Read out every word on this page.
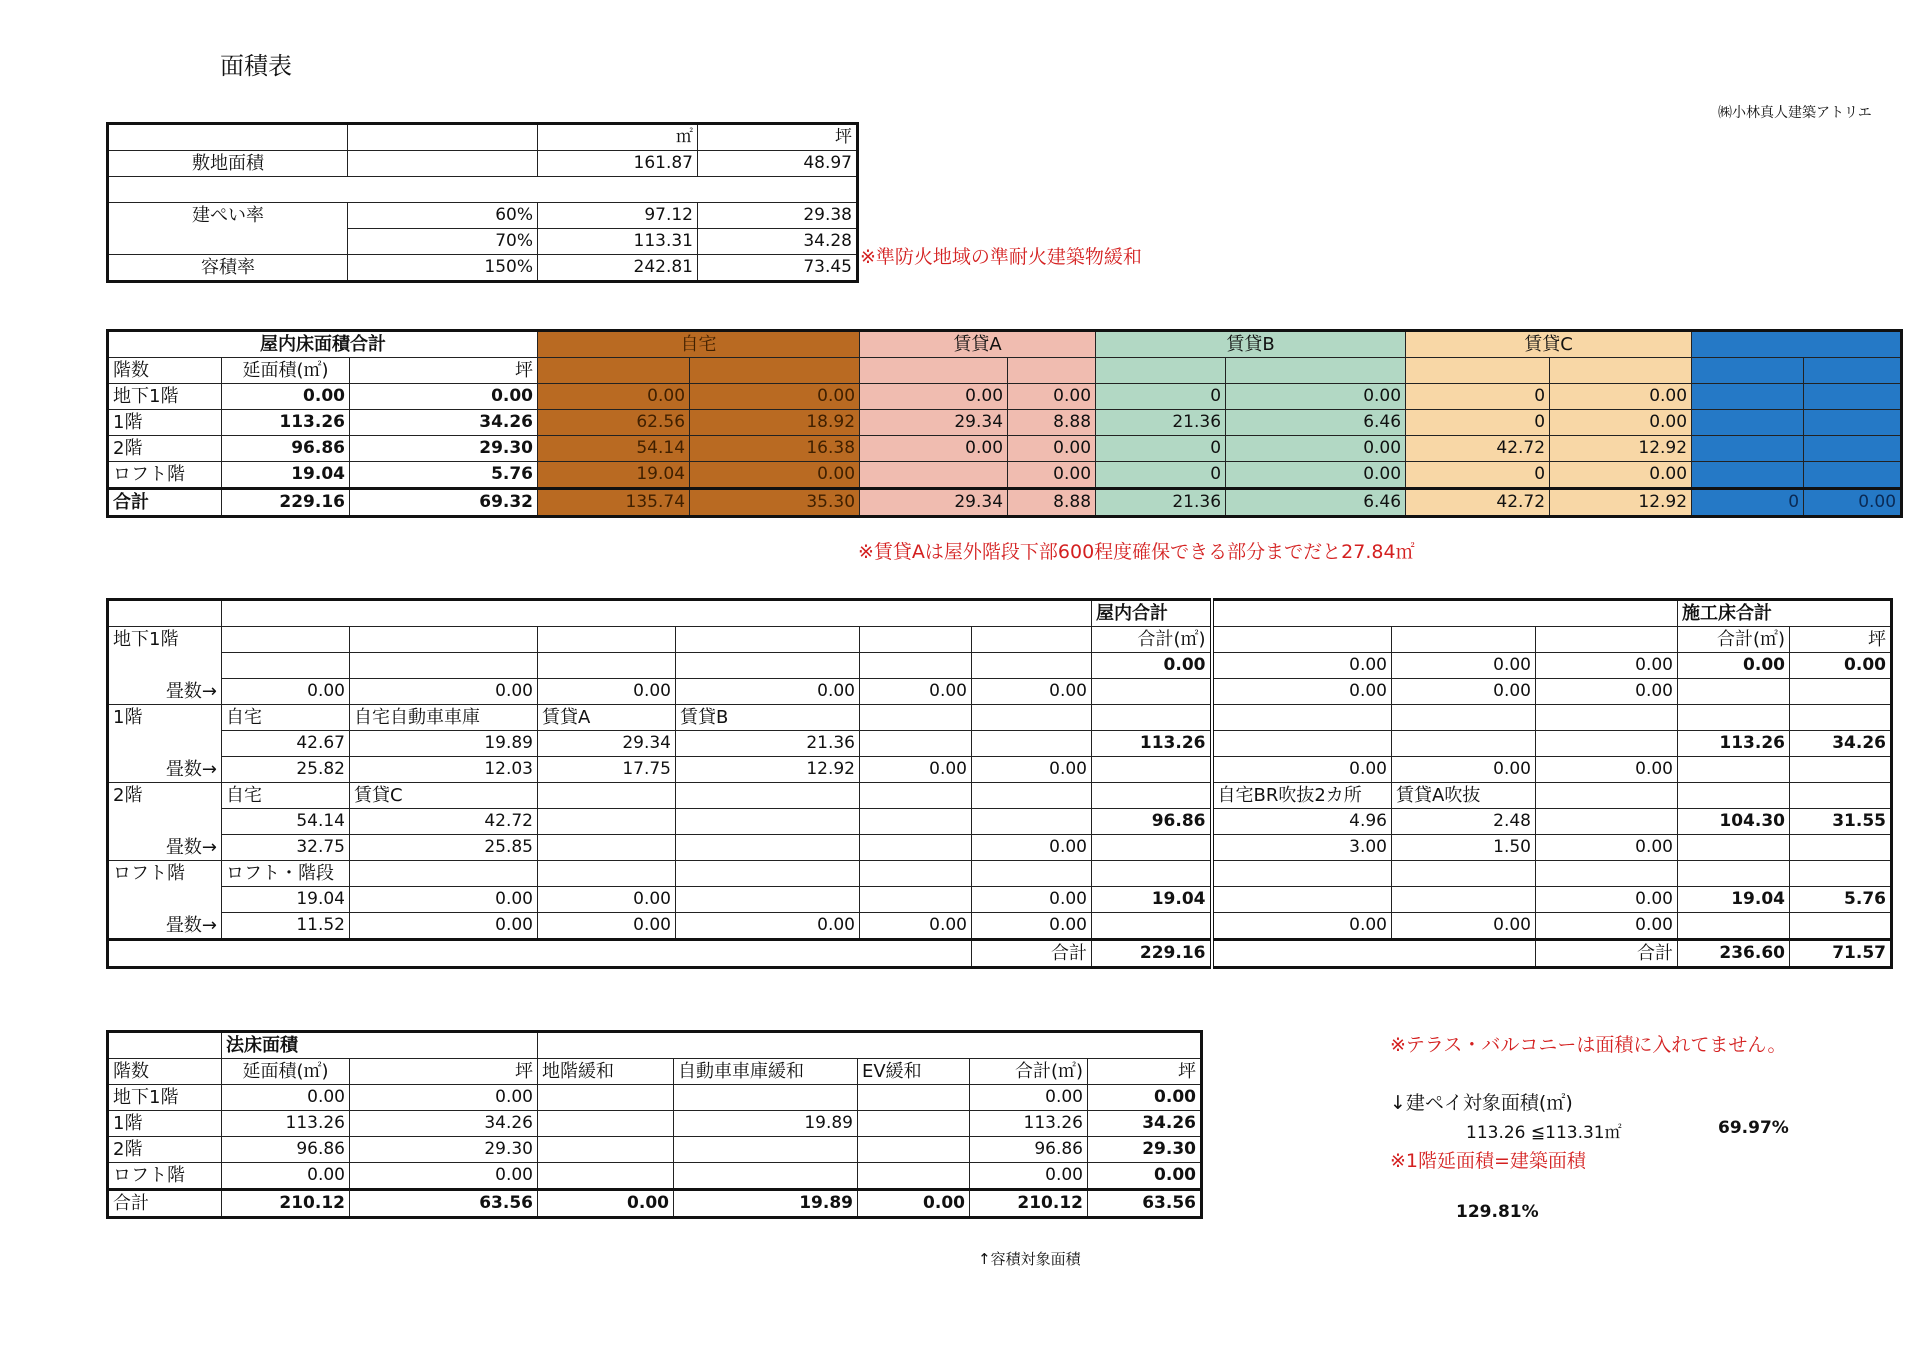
面積表
㈱小林真人建築アトリエ
		㎡	坪
敷地面積		161.87	48.97

建ぺい率	60%	97.12	29.38
	70%	113.31	34.28
容積率	150%	242.81	73.45 ※準防火地域の準耐火建築物緩和
屋内床面積合計			自宅		賃貸A		賃貸B		賃貸C			
階数	延面積(㎡)	坪										
地下1階	0.00	0.00	0.00	0.00	0.00	0.00	0	0.00	0	0.00		
1階	113.26	34.26	62.56	18.92	29.34	8.88	21.36	6.46	0	0.00		
2階	96.86	29.30	54.14	16.38	0.00	0.00	0	0.00	42.72	12.92		
ロフト階	19.04	5.76	19.04	0.00		0.00	0	0.00	0	0.00		
合計	229.16	69.32	135.74	35.30	29.34	8.88	21.36	6.46	42.72	12.92	0	0.00
※賃貸Aは屋外階段下部600程度確保できる部分までだと27.84㎡
							屋内合計				施工床合計	
地下1階							合計(㎡)				合計(㎡)	坪
							0.00	0.00	0.00	0.00	0.00	0.00
畳数→	0.00	0.00	0.00	0.00	0.00	0.00		0.00	0.00	0.00		
1階	自宅	自宅自動車車庫	賃貸A	賃貸B								
	42.67	19.89	29.34	21.36			113.26				113.26	34.26
畳数→	25.82	12.03	17.75	12.92	0.00	0.00		0.00	0.00	0.00		
2階	自宅	賃貸C						自宅BR吹抜2カ所	賃貸A吹抜			
	54.14	42.72					96.86	4.96	2.48		104.30	31.55
畳数→	32.75	25.85				0.00		3.00	1.50	0.00		
ロフト階	ロフト・階段											
	19.04	0.00	0.00			0.00	19.04			0.00	19.04	5.76
畳数→	11.52	0.00	0.00	0.00	0.00	0.00		0.00	0.00	0.00		
						合計	229.16			合計	236.60	71.57
	法床面積						
階数	延面積(㎡)	坪	地階緩和	自動車車庫緩和	EV緩和	合計(㎡)	坪
地下1階	0.00	0.00				0.00	0.00
1階	113.26	34.26		19.89		113.26	34.26
2階	96.86	29.30				96.86	29.30
ロフト階	0.00	0.00				0.00	0.00
合計	210.12	63.56	0.00	19.89	0.00	210.12	63.56
↑容積対象面積
※テラス・バルコニーは面積に入れてません。
↓建ペイ対象面積(㎡)
113.26 ≦113.31㎡	69.97%
※1階延面積=建築面積
129.81%
